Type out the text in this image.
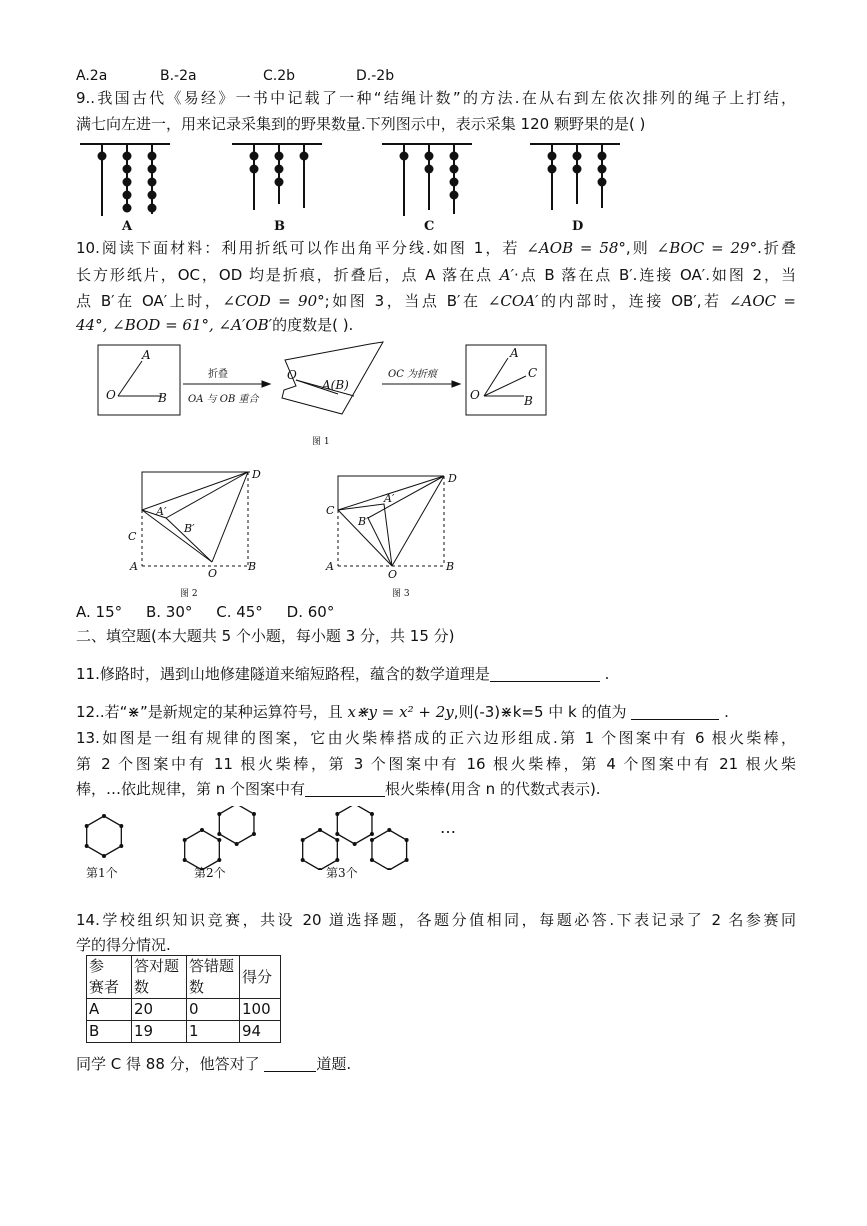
A.2a	B.-2a	C.2b	D.-2b
9..我国古代《易经》一书中记载了一种“结绳计数”的方法.在从右到左依次排列的绳子上打结，
满七向左进一，用来记录采集到的野果数量.下列图示中，表示采集 120 颗野果的是( )
A	B	C	D
10.阅读下面材料：利用折纸可以作出角平分线.如图 1，若 ∠AOB = 58°,则 ∠BOC = 29°.折叠
长方形纸片，OC，OD 均是折痕，折叠后，点 A 落在点 A′·点 B 落在点 B′.连接 OA′.如图 2，当
点 B′在 OA′上时，∠COD = 90°;如图 3，当点 B′在 ∠COA′的内部时，连接 OB′,若 ∠AOC =
44°, ∠BOD = 61°, ∠A′OB′的度数是( ).
A
O	B
O
A(B)
A
C
O	B
折叠
OA 与 OB 重合
OC 为折痕
图 1
D
A′
B′
C
A
O
B
图 2
D
A′
C
B′
A
O
B
图 3
A. 15°     B. 30°     C. 45°     D. 60°
二、填空题(本大题共 5 个小题，每小题 3 分，共 15 分)
11.修路时，遇到山地修建隧道来缩短路程，蕴含的数学道理是	.
12..若“⋇”是新规定的某种运算符号，且 x⋇y = x² + 2y,则(-3)⋇k=5 中 k 的值为	.
13.如图是一组有规律的图案，它由火柴棒搭成的正六边形组成.第 1 个图案中有 6 根火柴棒，
第 2 个图案中有 11 根火柴棒，第 3 个图案中有 16 根火柴棒，第 4 个图案中有 21 根火柴
棒，…依此规律，第 n 个图案中有	根火柴棒(用含 n 的代数式表示).
…
第1个	第2个	第3个
14.学校组织知识竞赛，共设 20 道选择题，各题分值相同，每题必答.下表记录了 2 名参赛同
学的得分情况.
参　赛者	答对题数	答错题数	得分
A	20	0	100
B	19	1	94
同学 C 得 88 分，他答对了	道题.
